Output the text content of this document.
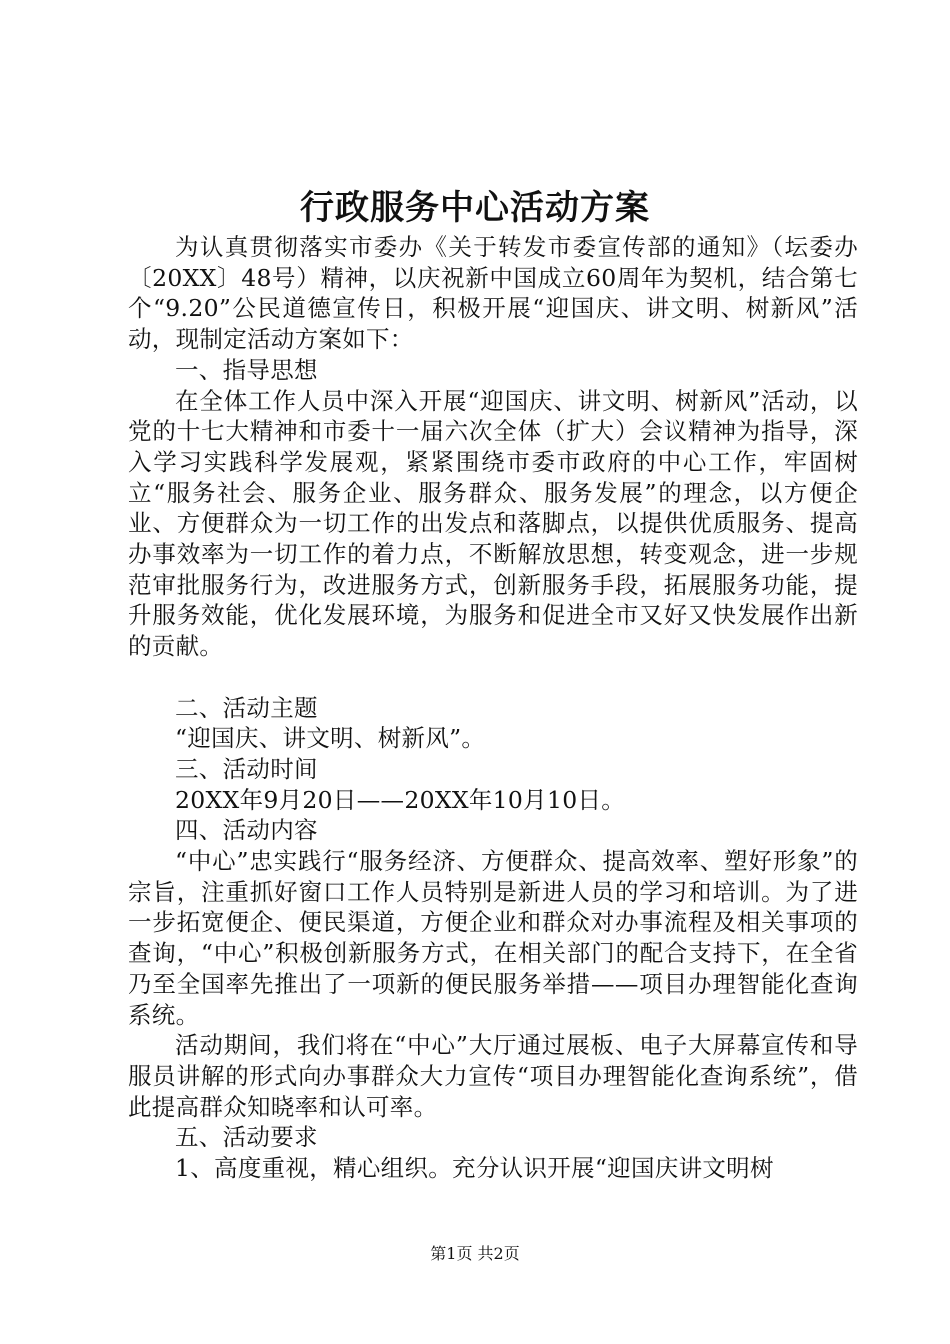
行政服务中心活动方案

为认真贯彻落实市委办《关于转发市委宣传部的通知》（坛委办〔20XX〕48号）精神，以庆祝新中国成立60周年为契机，结合第七个“9.20”公民道德宣传日，积极开展“迎国庆、讲文明、树新风”活动，现制定活动方案如下：

一、指导思想

在全体工作人员中深入开展“迎国庆、讲文明、树新风”活动，以党的十七大精神和市委十一届六次全体（扩大）会议精神为指导，深入学习实践科学发展观，紧紧围绕市委市政府的中心工作，牢固树立“服务社会、服务企业、服务群众、服务发展”的理念，以方便企业、方便群众为一切工作的出发点和落脚点，以提供优质服务、提高办事效率为一切工作的着力点，不断解放思想，转变观念，进一步规范审批服务行为，改进服务方式，创新服务手段，拓展服务功能，提升服务效能，优化发展环境，为服务和促进全市又好又快发展作出新的贡献。

二、活动主题

“迎国庆、讲文明、树新风”。

三、活动时间

20XX年9月20日——20XX年10月10日。

四、活动内容

“中心”忠实践行“服务经济、方便群众、提高效率、塑好形象”的宗旨，注重抓好窗口工作人员特别是新进人员的学习和培训。为了进一步拓宽便企、便民渠道，方便企业和群众对办事流程及相关事项的查询，“中心”积极创新服务方式，在相关部门的配合支持下，在全省乃至全国率先推出了一项新的便民服务举措——项目办理智能化查询系统。

活动期间，我们将在“中心”大厅通过展板、电子大屏幕宣传和导服员讲解的形式向办事群众大力宣传“项目办理智能化查询系统”，借此提高群众知晓率和认可率。

五、活动要求

1、高度重视，精心组织。充分认识开展“迎国庆讲文明树

第1页 共2页
